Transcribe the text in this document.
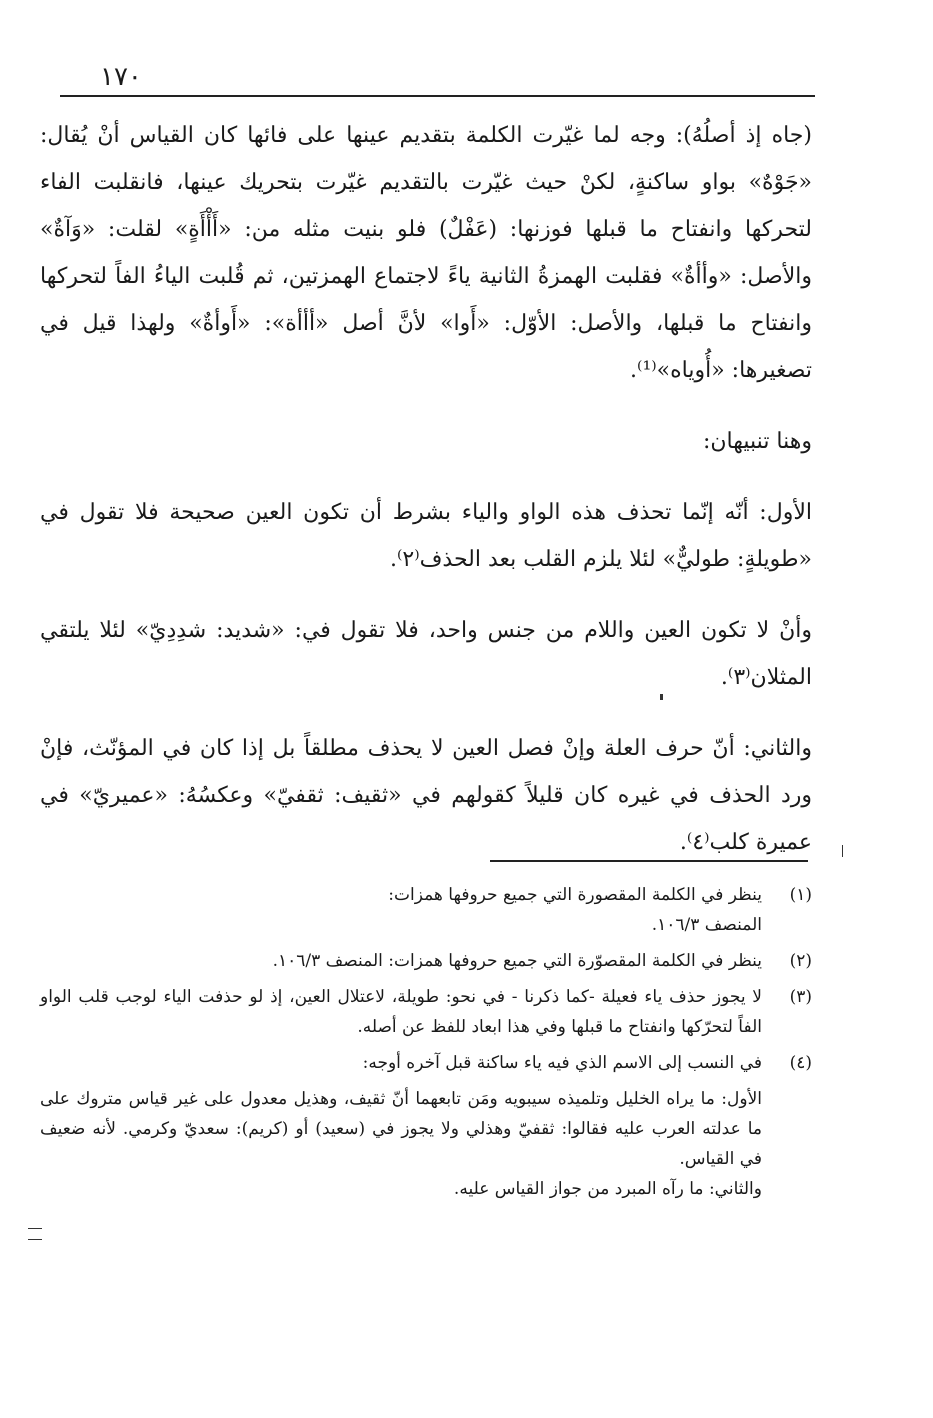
١٧٠

(جاه إذ أصلُهُ): وجه لما غيّرت الكلمة بتقديم عينها على فائها كان القياس أنْ يُقال: «جَوْهٌ» بواو ساكنةٍ، لكنْ حيث غيّرت بالتقديم غيّرت بتحريك عينها، فانقلبت الفاء لتحركها وانفتاح ما قبلها فوزنها: (عَفْلٌ) فلو بنيت مثله من: «أَأْأَةٍ» لقلت: «وَآةٌ» والأصل: «وأأةٌ» فقلبت الهمزةُ الثانية ياءً لاجتماع الهمزتين، ثم قُلبت الياءُ الفاً لتحركها وانفتاح ما قبلها، والأصل: الأوّل: «أَوا» لأنَّ أصل «أأأة»: «أَوأةٌ» ولهذا قيل في تصغيرها: «أُوياه»⁽¹⁾.

وهنا تنبيهان:

الأول: أنّه إنّما تحذف هذه الواو والياء بشرط أن تكون العين صحيحة فلا تقول في «طويلةٍ: طوليٌّ» لئلا يلزم القلب بعد الحذف⁽٢⁾.

وأنْ لا تكون العين واللام من جنس واحد، فلا تقول في: «شديد: شدِدِيّ» لئلا يلتقي المثلان⁽٣⁾.

والثاني: أنّ حرف العلة وإنْ فصل العين لا يحذف مطلقاً بل إذا كان في المؤنّث، فإنْ ورد الحذف في غيره كان قليلاً كقولهم في «ثقيف: ثقفيّ» وعكسُهُ: «عميريّ» في عميرة كلب⁽٤⁾.

(١)

ينظر في الكلمة المقصورة التي جميع حروفها همزات:

المنصف ١٠٦/٣.

(٢)

ينظر في الكلمة المقصوّرة التي جميع حروفها همزات: المنصف ١٠٦/٣.

(٣)

لا يجوز حذف ياء فعيلة -كما ذكرنا - في نحو: طويلة، لاعتلال العين، إذ لو حذفت الياء لوجب قلب الواو الفاً لتحرّكها وانفتاح ما قبلها وفي هذا ابعاد للفظ عن أصله.

(٤)

في النسب إلى الاسم الذي فيه ياء ساكنة قبل آخره أوجه:

الأول: ما يراه الخليل وتلميذه سيبويه ومَن تابعهما أنّ ثقيف، وهذيل معدول على غير قياس متروك على ما عدلته العرب عليه فقالوا: ثقفيّ وهذلي ولا يجوز في (سعيد) أو (كريم): سعديّ وكرمي. لأنه ضعيف في القياس.

والثاني: ما رآه المبرد من جواز القياس عليه.
